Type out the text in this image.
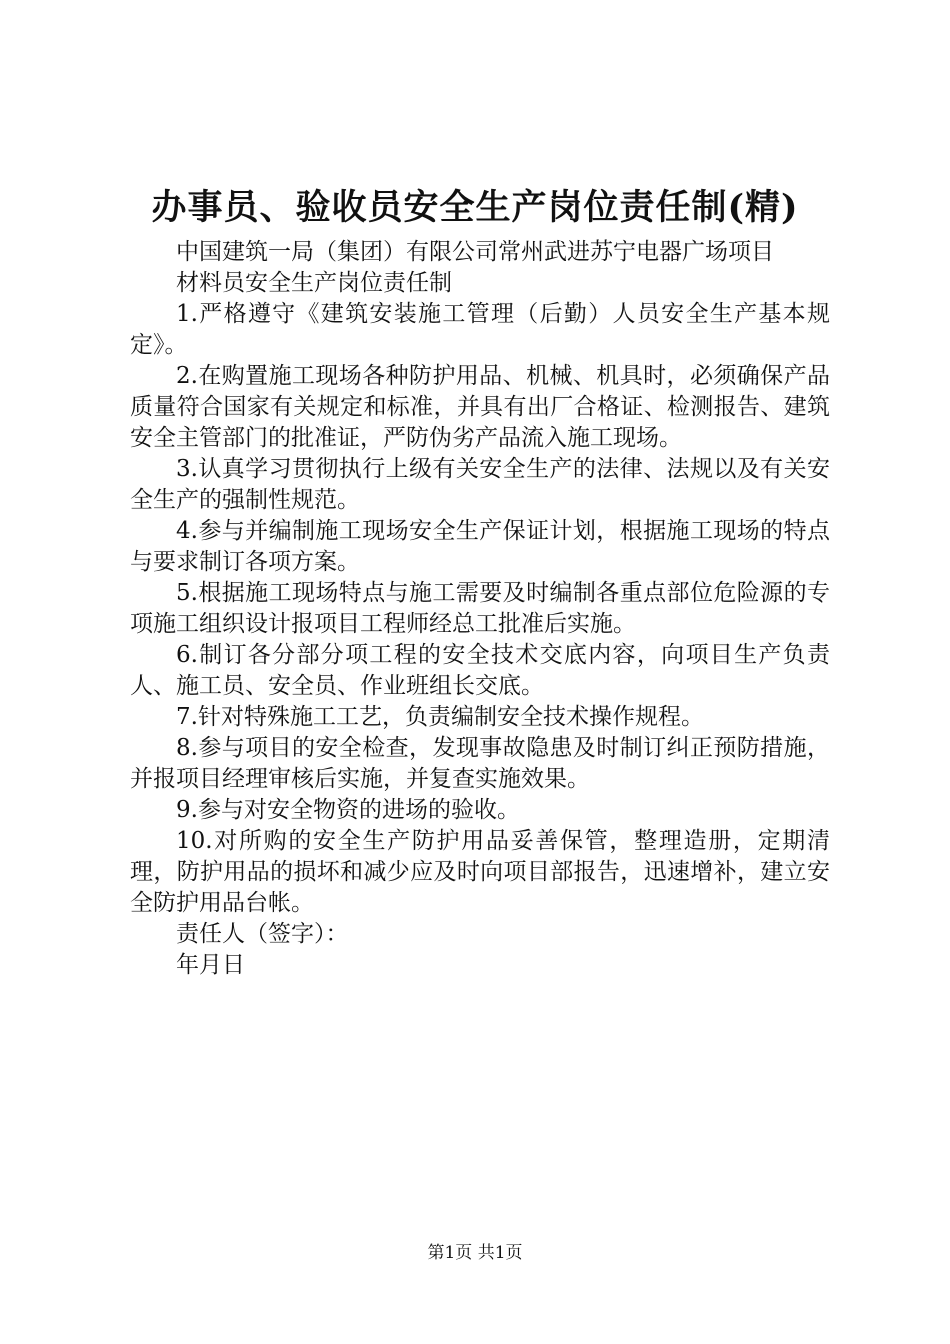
办事员、验收员安全生产岗位责任制(精)

中国建筑一局（集团）有限公司常州武进苏宁电器广场项目

材料员安全生产岗位责任制

1.严格遵守《建筑安装施工管理（后勤）人员安全生产基本规定》。

2.在购置施工现场各种防护用品、机械、机具时，必须确保产品质量符合国家有关规定和标准，并具有出厂合格证、检测报告、建筑安全主管部门的批准证，严防伪劣产品流入施工现场。

3.认真学习贯彻执行上级有关安全生产的法律、法规以及有关安全生产的强制性规范。

4.参与并编制施工现场安全生产保证计划，根据施工现场的特点与要求制订各项方案。

5.根据施工现场特点与施工需要及时编制各重点部位危险源的专项施工组织设计报项目工程师经总工批准后实施。

6.制订各分部分项工程的安全技术交底内容，向项目生产负责人、施工员、安全员、作业班组长交底。

7.针对特殊施工工艺，负责编制安全技术操作规程。

8.参与项目的安全检查，发现事故隐患及时制订纠正预防措施，并报项目经理审核后实施，并复查实施效果。

9.参与对安全物资的进场的验收。

10.对所购的安全生产防护用品妥善保管，整理造册，定期清理，防护用品的损坏和减少应及时向项目部报告，迅速增补，建立安全防护用品台帐。

责任人（签字）：

年月日

第1页 共1页
